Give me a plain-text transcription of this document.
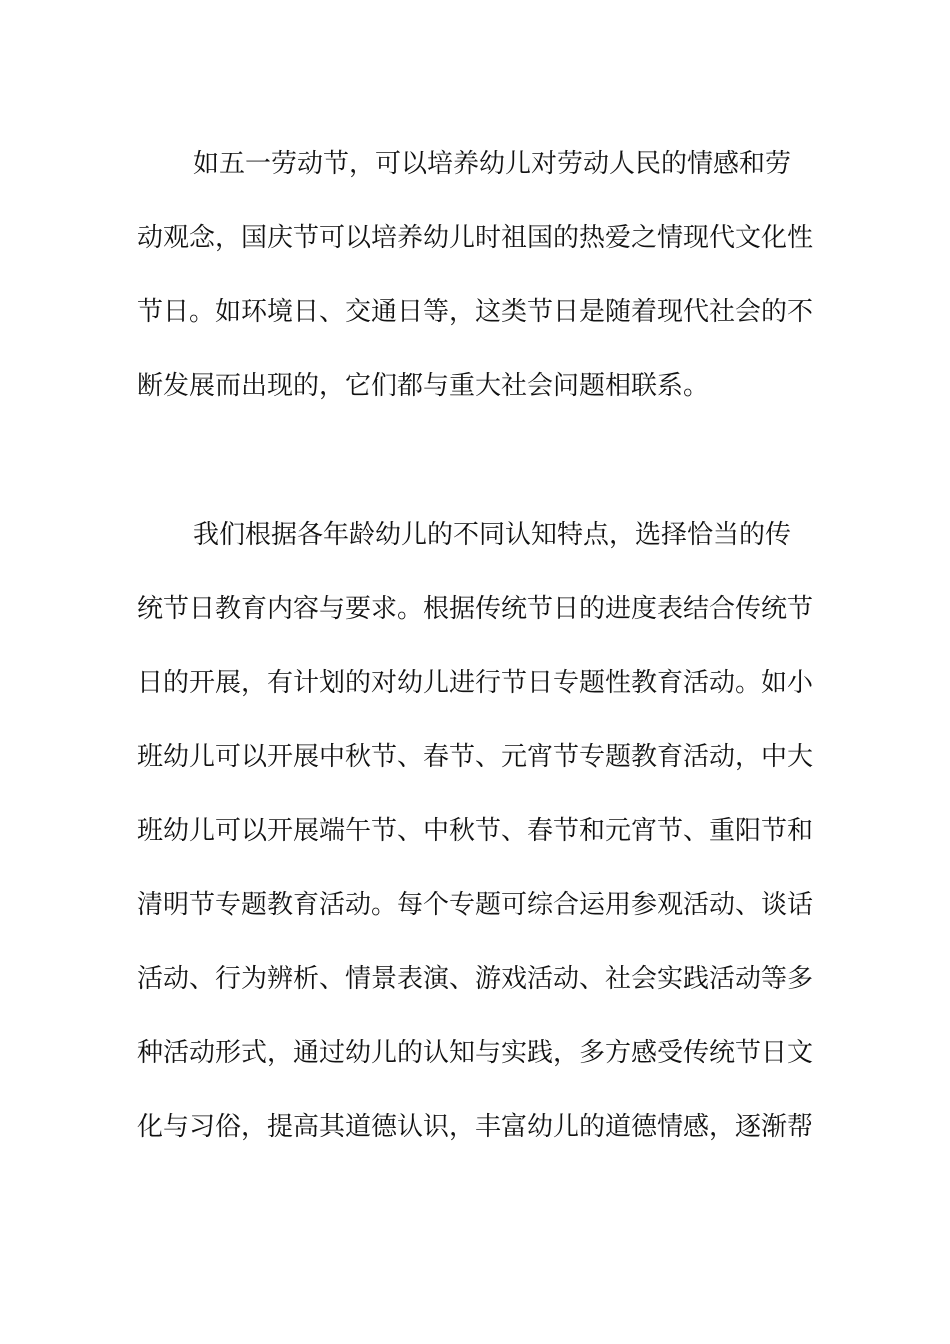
如五一劳动节，可以培养幼儿对劳动人民的情感和劳
动观念，国庆节可以培养幼儿时祖国的热爱之情现代文化性
节日。如环境日、交通日等，这类节日是随着现代社会的不
断发展而出现的，它们都与重大社会问题相联系。
我们根据各年龄幼儿的不同认知特点，选择恰当的传
统节日教育内容与要求。根据传统节日的进度表结合传统节
日的开展，有计划的对幼儿进行节日专题性教育活动。如小
班幼儿可以开展中秋节、春节、元宵节专题教育活动，中大
班幼儿可以开展端午节、中秋节、春节和元宵节、重阳节和
清明节专题教育活动。每个专题可综合运用参观活动、谈话
活动、行为辨析、情景表演、游戏活动、社会实践活动等多
种活动形式，通过幼儿的认知与实践，多方感受传统节日文
化与习俗，提高其道德认识，丰富幼儿的道德情感，逐渐帮
